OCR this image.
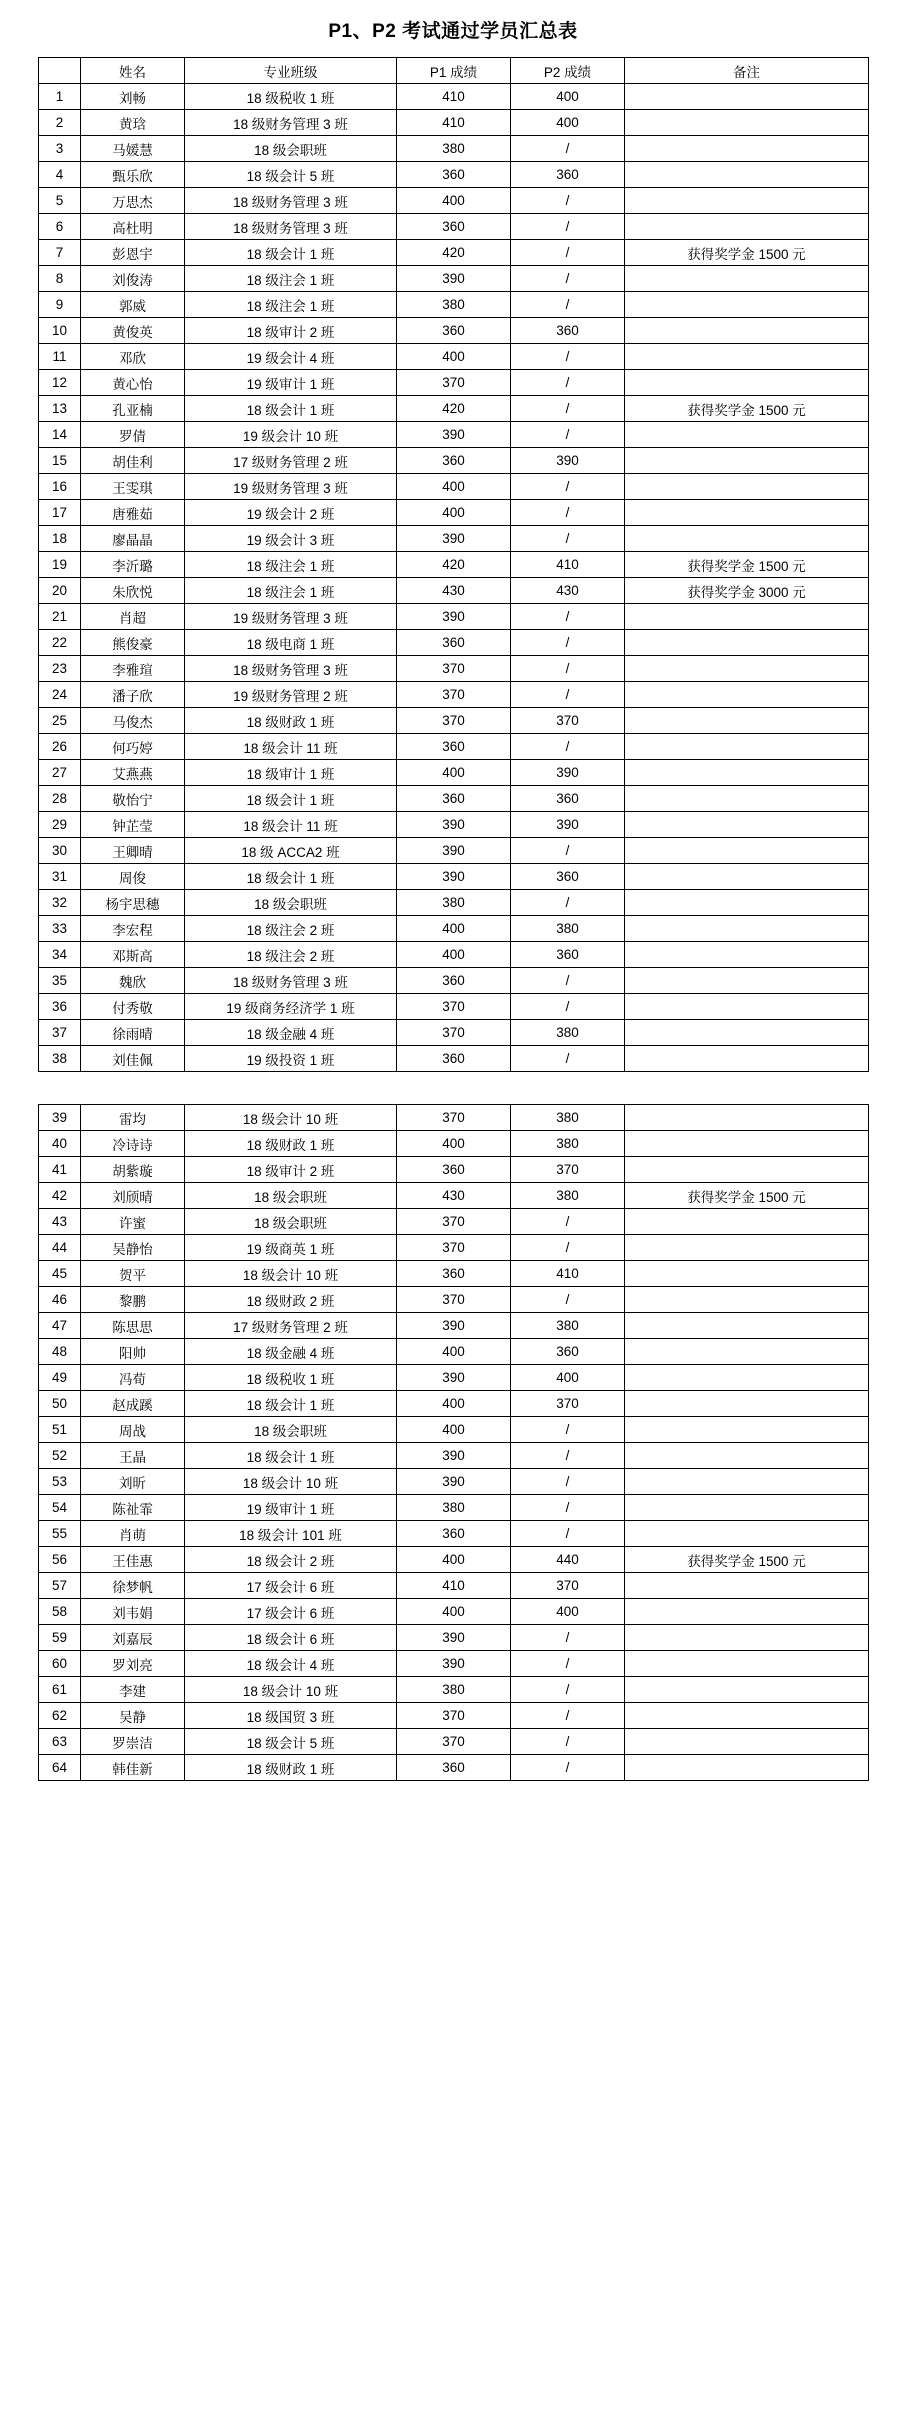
P1、P2 考试通过学员汇总表
	姓名	专业班级	P1 成绩	P2 成绩	备注
1	刘畅	18 级税收 1 班	410	400	
2	黄琀	18 级财务管理 3 班	410	400	
3	马媛慧	18 级会职班	380	/	
4	甄乐欣	18 级会计 5 班	360	360	
5	万思杰	18 级财务管理 3 班	400	/	
6	高杜明	18 级财务管理 3 班	360	/	
7	彭恩宇	18 级会计 1 班	420	/	获得奖学金 1500 元
8	刘俊涛	18 级注会 1 班	390	/	
9	郭威	18 级注会 1 班	380	/	
10	黄俊英	18 级审计 2 班	360	360	
11	邓欣	19 级会计 4 班	400	/	
12	黄心怡	19 级审计 1 班	370	/	
13	孔亚楠	18 级会计 1 班	420	/	获得奖学金 1500 元
14	罗倩	19 级会计 10 班	390	/	
15	胡佳利	17 级财务管理 2 班	360	390	
16	王雯琪	19 级财务管理 3 班	400	/	
17	唐雅茹	19 级会计 2 班	400	/	
18	廖晶晶	19 级会计 3 班	390	/	
19	李沂璐	18 级注会 1 班	420	410	获得奖学金 1500 元
20	朱欣悦	18 级注会 1 班	430	430	获得奖学金 3000 元
21	肖超	19 级财务管理 3 班	390	/	
22	熊俊豪	18 级电商 1 班	360	/	
23	李雅瑄	18 级财务管理 3 班	370	/	
24	潘子欣	19 级财务管理 2 班	370	/	
25	马俊杰	18 级财政 1 班	370	370	
26	何巧婷	18 级会计 11 班	360	/	
27	艾燕燕	18 级审计 1 班	400	390	
28	敬怡宁	18 级会计 1 班	360	360	
29	钟芷莹	18 级会计 11 班	390	390	
30	王卿晴	18 级 ACCA2 班	390	/	
31	周俊	18 级会计 1 班	390	360	
32	杨宇思穗	18 级会职班	380	/	
33	李宏程	18 级注会 2 班	400	380	
34	邓斯高	18 级注会 2 班	400	360	
35	魏欣	18 级财务管理 3 班	360	/	
36	付秀敬	19 级商务经济学 1 班	370	/	
37	徐雨晴	18 级金融 4 班	370	380	
38	刘佳佩	19 级投资 1 班	360	/	
39	雷均	18 级会计 10 班	370	380	
40	冷诗诗	18 级财政 1 班	400	380	
41	胡紫璇	18 级审计 2 班	360	370	
42	刘颀晴	18 级会职班	430	380	获得奖学金 1500 元
43	许蜜	18 级会职班	370	/	
44	吴静怡	19 级商英 1 班	370	/	
45	贺平	18 级会计 10 班	360	410	
46	黎鹏	18 级财政 2 班	370	/	
47	陈思思	17 级财务管理 2 班	390	380	
48	阳帅	18 级金融 4 班	400	360	
49	冯荀	18 级税收 1 班	390	400	
50	赵成蹊	18 级会计 1 班	400	370	
51	周战	18 级会职班	400	/	
52	王晶	18 级会计 1 班	390	/	
53	刘昕	18 级会计 10 班	390	/	
54	陈祉霏	19 级审计 1 班	380	/	
55	肖萌	18 级会计 101 班	360	/	
56	王佳惠	18 级会计 2 班	400	440	获得奖学金 1500 元
57	徐梦帆	17 级会计 6 班	410	370	
58	刘韦娟	17 级会计 6 班	400	400	
59	刘嘉辰	18 级会计 6 班	390	/	
60	罗刘亮	18 级会计 4 班	390	/	
61	李建	18 级会计 10 班	380	/	
62	吴静	18 级国贸 3 班	370	/	
63	罗崇洁	18 级会计 5 班	370	/	
64	韩佳新	18 级财政 1 班	360	/	
